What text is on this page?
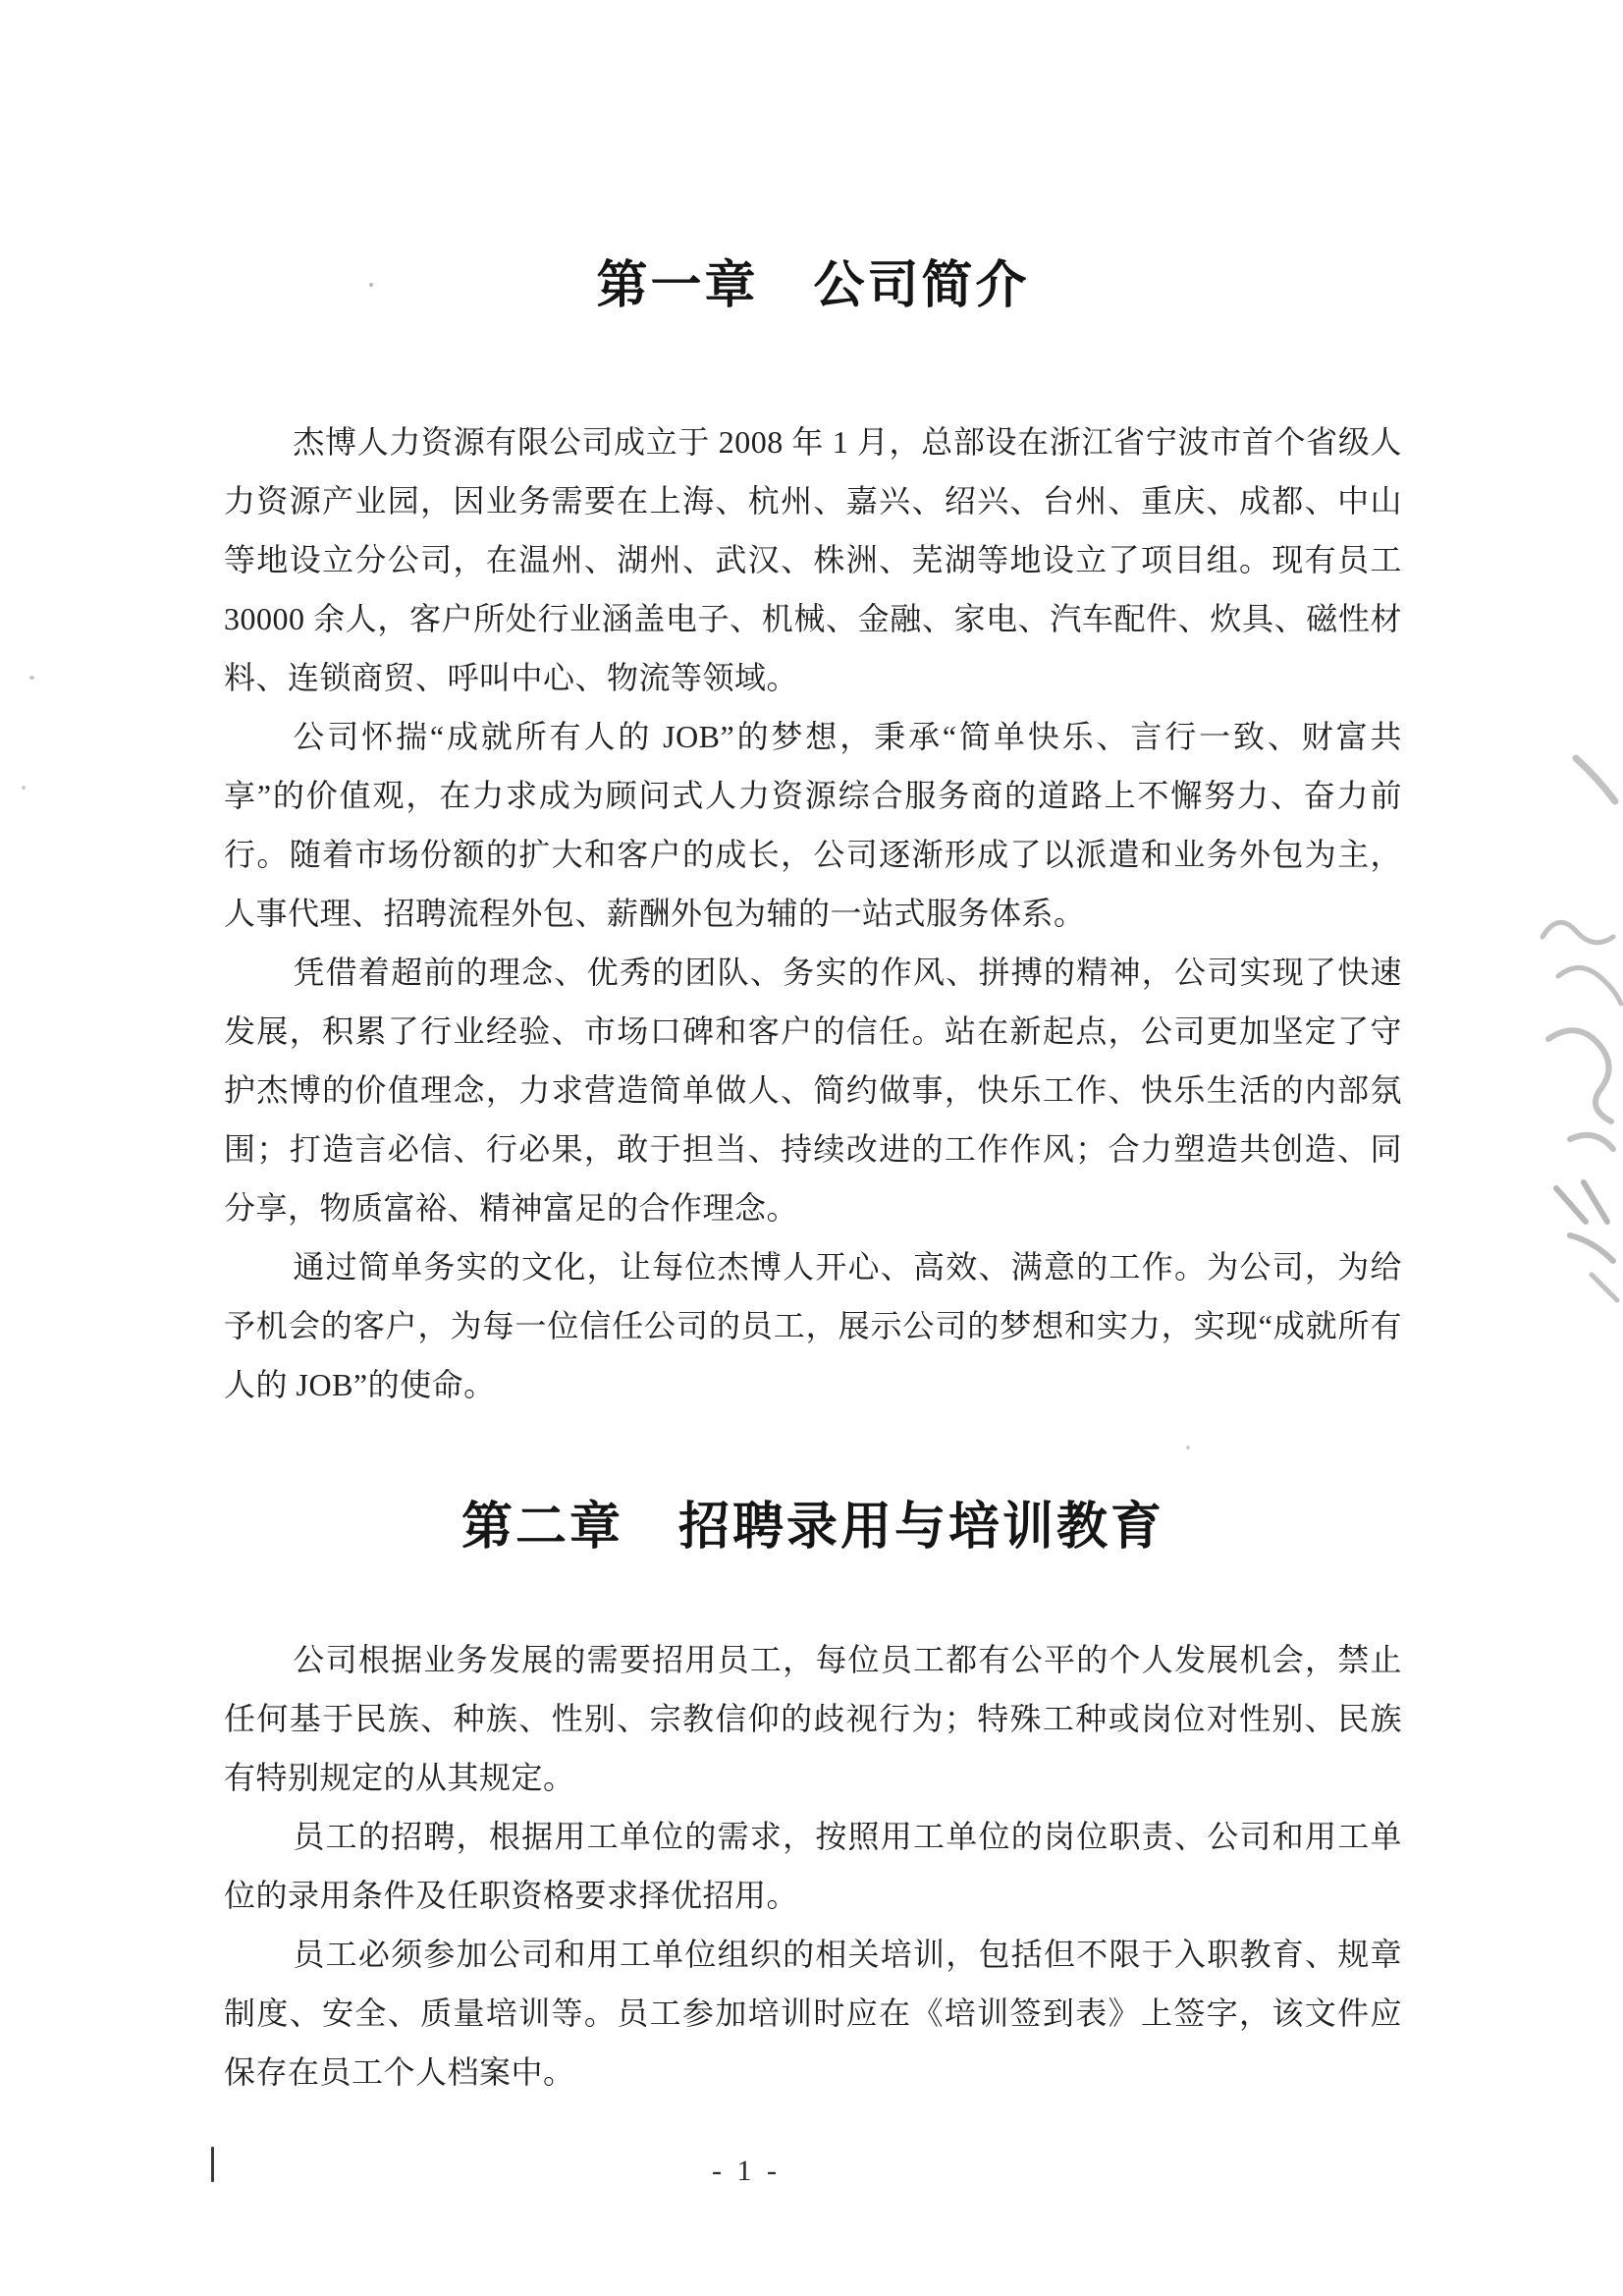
第一章 公司简介

杰博人力资源有限公司成立于 2008 年 1 月，总部设在浙江省宁波市首个省级人力资源产业园，因业务需要在上海、杭州、嘉兴、绍兴、台州、重庆、成都、中山等地设立分公司，在温州、湖州、武汉、株洲、芜湖等地设立了项目组。现有员工 30000 余人，客户所处行业涵盖电子、机械、金融、家电、汽车配件、炊具、磁性材料、连锁商贸、呼叫中心、物流等领域。

公司怀揣“成就所有人的 JOB”的梦想，秉承“简单快乐、言行一致、财富共享”的价值观，在力求成为顾问式人力资源综合服务商的道路上不懈努力、奋力前行。随着市场份额的扩大和客户的成长，公司逐渐形成了以派遣和业务外包为主，人事代理、招聘流程外包、薪酬外包为辅的一站式服务体系。

凭借着超前的理念、优秀的团队、务实的作风、拼搏的精神，公司实现了快速发展，积累了行业经验、市场口碑和客户的信任。站在新起点，公司更加坚定了守护杰博的价值理念，力求营造简单做人、简约做事，快乐工作、快乐生活的内部氛围；打造言必信、行必果，敢于担当、持续改进的工作作风；合力塑造共创造、同分享，物质富裕、精神富足的合作理念。

通过简单务实的文化，让每位杰博人开心、高效、满意的工作。为公司，为给予机会的客户，为每一位信任公司的员工，展示公司的梦想和实力，实现“成就所有人的 JOB”的使命。

第二章 招聘录用与培训教育

公司根据业务发展的需要招用员工，每位员工都有公平的个人发展机会，禁止任何基于民族、种族、性别、宗教信仰的歧视行为；特殊工种或岗位对性别、民族有特别规定的从其规定。

员工的招聘，根据用工单位的需求，按照用工单位的岗位职责、公司和用工单位的录用条件及任职资格要求择优招用。

员工必须参加公司和用工单位组织的相关培训，包括但不限于入职教育、规章制度、安全、质量培训等。员工参加培训时应在《培训签到表》上签字，该文件应保存在员工个人档案中。

- 1 -
